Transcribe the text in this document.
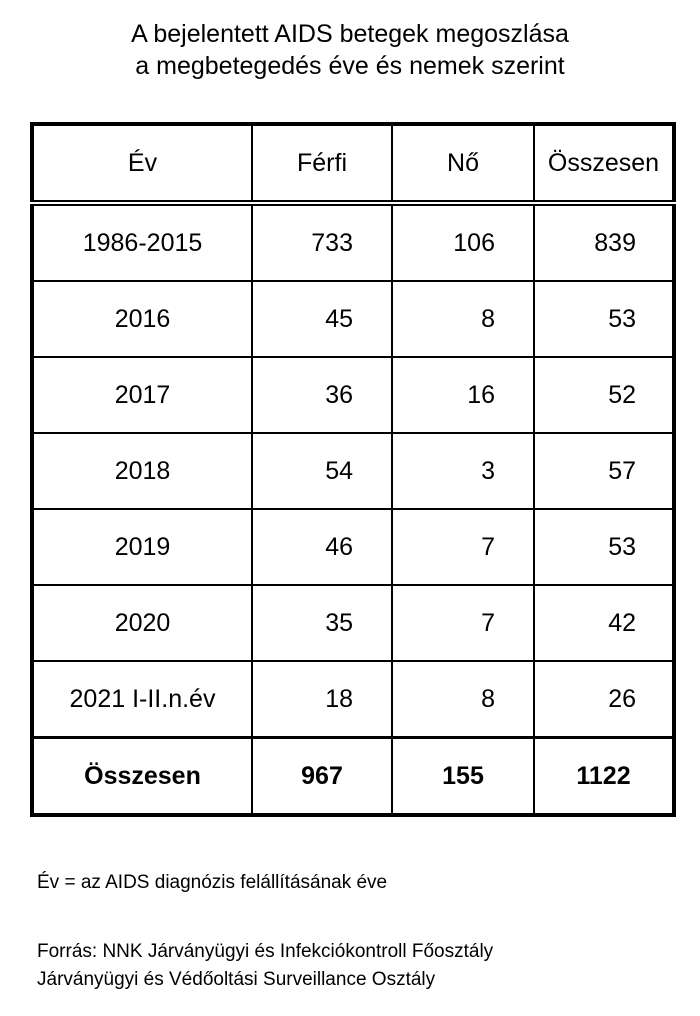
A bejelentett AIDS betegek megoszlása
a megbetegedés éve és nemek szerint
Év	Férfi	Nő	Összesen
1986-2015	733	106	839
2016	45	8	53
2017	36	16	52
2018	54	3	57
2019	46	7	53
2020	35	7	42
2021 I-II.n.év	18	8	26
Összesen	967	155	1122
Év = az AIDS diagnózis felállításának éve
Forrás: NNK Járványügyi és Infekciókontroll Főosztály
Járványügyi és Védőoltási Surveillance Osztály
